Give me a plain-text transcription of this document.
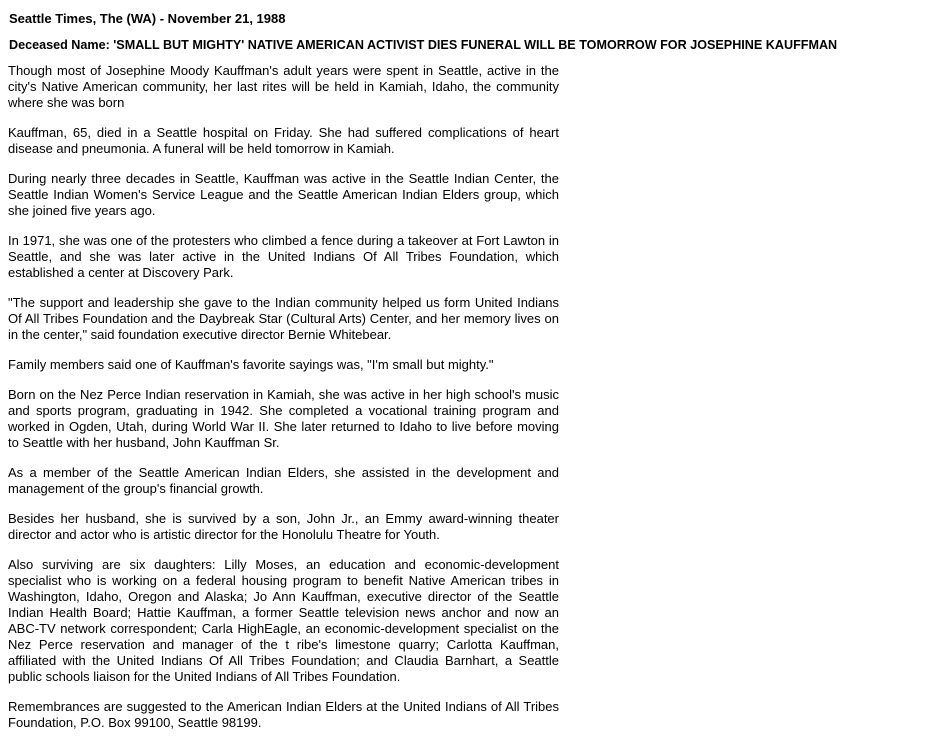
Seattle Times, The (WA) - November 21, 1988
Deceased Name: 'SMALL BUT MIGHTY' NATIVE AMERICAN ACTIVIST DIES FUNERAL WILL BE TOMORROW FOR JOSEPHINE KAUFFMAN

Though most of Josephine Moody Kauffman's adult years were spent in Seattle, active in the city's Native American community, her last rites will be held in Kamiah, Idaho, the community where she was born

Kauffman, 65, died in a Seattle hospital on Friday. She had suffered complications of heart disease and pneumonia. A funeral will be held tomorrow in Kamiah.

During nearly three decades in Seattle, Kauffman was active in the Seattle Indian Center, the Seattle Indian Women's Service League and the Seattle American Indian Elders group, which she joined five years ago.

In 1971, she was one of the protesters who climbed a fence during a takeover at Fort Lawton in Seattle, and she was later active in the United Indians Of All Tribes Foundation, which established a center at Discovery Park.

"The support and leadership she gave to the Indian community helped us form United Indians Of All Tribes Foundation and the Daybreak Star (Cultural Arts) Center, and her memory lives on in the center," said foundation executive director Bernie Whitebear.

Family members said one of Kauffman's favorite sayings was, "I'm small but mighty."

Born on the Nez Perce Indian reservation in Kamiah, she was active in her high school's music and sports program, graduating in 1942. She completed a vocational training program and worked in Ogden, Utah, during World War II. She later returned to Idaho to live before moving to Seattle with her husband, John Kauffman Sr.

As a member of the Seattle American Indian Elders, she assisted in the development and management of the group's financial growth.

Besides her husband, she is survived by a son, John Jr., an Emmy award-winning theater director and actor who is artistic director for the Honolulu Theatre for Youth.

Also surviving are six daughters: Lilly Moses, an education and economic-development specialist who is working on a federal housing program to benefit Native American tribes in Washington, Idaho, Oregon and Alaska; Jo Ann Kauffman, executive director of the Seattle Indian Health Board; Hattie Kauffman, a former Seattle television news anchor and now an ABC-TV network correspondent; Carla HighEagle, an economic-development specialist on the Nez Perce reservation and manager of the t ribe's limestone quarry; Carlotta Kauffman, affiliated with the United Indians Of All Tribes Foundation; and Claudia Barnhart, a Seattle public schools liaison for the United Indians of All Tribes Foundation.

Remembrances are suggested to the American Indian Elders at the United Indians of All Tribes Foundation, P.O. Box 99100, Seattle 98199.
